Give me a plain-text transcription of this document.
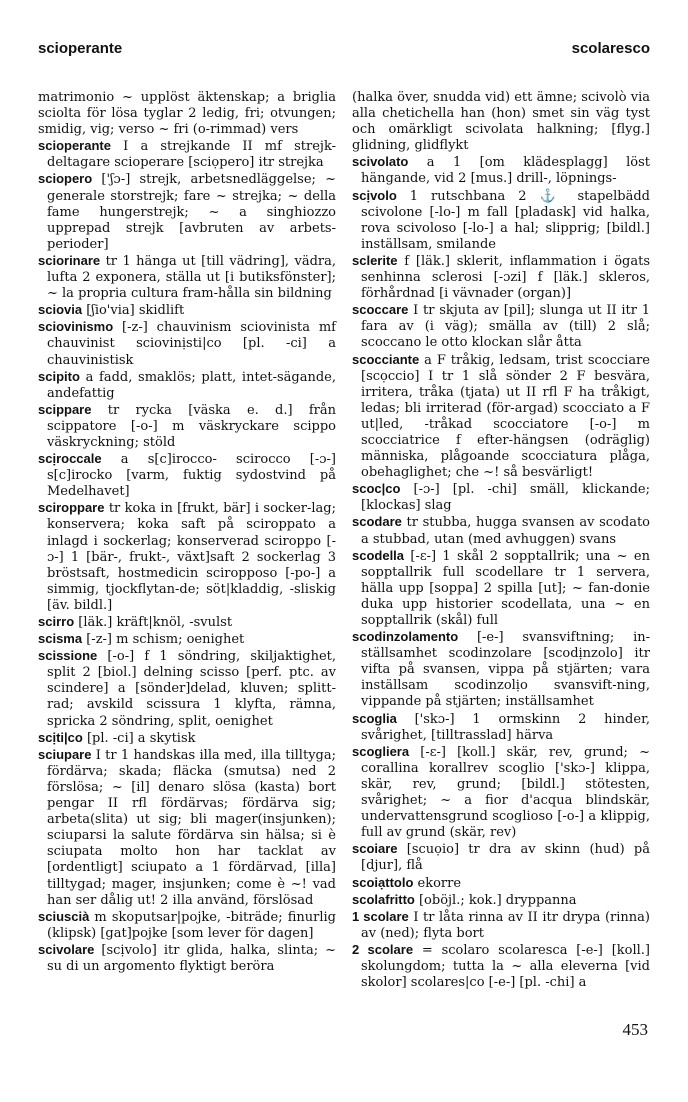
scioperante	scolaresco

matrimonio ~ upplöst äktenskap; a briglia sciolta för lösa tyglar 2 ledig, fri; otvungen; smidig, vig; verso ~ fri (o-rimmad) vers

scioperante I a strejkande II mf strejk-deltagare scioperare [sciọpero] itr strejka

sciopero ['ʃɔ-] strejk, arbetsnedläggelse; ~ generale storstrejk; fare ~ strejka; ~ della fame hungerstrejk; ~ a singhiozzo upprepad strejk [avbruten av arbets-perioder]

sciorinare tr 1 hänga ut [till vädring], vädra, lufta 2 exponera, ställa ut [i butiksfönster]; ~ la propria cultura fram-hålla sin bildning

sciovia [ʃio'via] skidlift

sciovinismo [-z-] chauvinism sciovinista mf chauvinist sciovinịsti|co [pl. -ci] a chauvinistisk

scipito a fadd, smaklös; platt, intet-sägande, andefattig

scippare tr rycka [väska e. d.] från scippatore [-o-] m väskryckare scippo väskryckning; stöld

scịroccale a s[c]irocco- scirocco [-ɔ-] s[c]irocko [varm, fuktig sydostvind på Medelhavet]

sciroppare tr koka in [frukt, bär] i socker-lag; konservera; koka saft på sciroppato a inlagd i sockerlag; konserverad sciroppo [-ɔ-] 1 [bär-, frukt-, växt]saft 2 sockerlag 3 bröstsaft, hostmedicin sciropposo [-po-] a simmig, tjockflytan-de; söt|kladdig, -sliskig [äv. bildl.]

scirro [läk.] kräft|knöl, -svulst

scisma [-z-] m schism; oenighet

scissione [-o-] f 1 söndring, skiljaktighet, split 2 [biol.] delning scisso [perf. ptc. av scindere] a [sönder]delad, kluven; splitt-rad; avskild scissura 1 klyfta, rämna, spricka 2 söndring, split, oenighet

scịti|co [pl. -ci] a skytisk

sciupare I tr 1 handskas illa med, illa tilltyga; fördärva; skada; fläcka (smutsa) ned 2 förslösa; ~ [il] denaro slösa (kasta) bort pengar II rfl fördärvas; fördärva sig; arbeta(slita) ut sig; bli mager(insjunken); sciuparsi la salute fördärva sin hälsa; si è sciupata molto hon har tacklat av [ordentligt] sciupato a 1 fördärvad, [illa] tilltygad; mager, insjunken; come è ~! vad han ser dålig ut! 2 illa använd, förslösad

sciuscià m skoputsar|pojke, -biträde; finurlig (klipsk) [gat]pojke [som lever för dagen]

scivolare [scịvolo] itr glida, halka, slinta; ~ su di un argomento flyktigt beröra

(halka över, snudda vid) ett ämne; scivolò via alla chetichella han (hon) smet sin väg tyst och omärkligt scivolata halkning; [flyg.] glidning, glidflykt

scivolato a 1 [om klädesplagg] löst hängande, vid 2 [mus.] drill-, löpnings-

scịvolo 1 rutschbana 2 ⚓ stapelbädd scivolone [-lo-] m fall [pladask] vid halka, rova scivoloso [-lo-] a hal; slipprig; [bildl.] inställsam, smilande

sclerite f [läk.] sklerit, inflammation i ögats senhinna sclerosi [-ɔzi] f [läk.] skleros, förhårdnad [i vävnader (organ)]

scoccare I tr skjuta av [pil]; slunga ut II itr 1 fara av (i väg); smälla av (till) 2 slå; scoccano le otto klockan slår åtta

scocciante a F tråkig, ledsam, trist scocciare [scọccio] I tr 1 slå sönder 2 F besvära, irritera, tråka (tjata) ut II rfl F ha tråkigt, ledas; bli irriterad (för-argad) scocciato a F ut|led, -tråkad scocciatore [-o-] m scocciatrice f efter-hängsen (odräglig) människa, plågoande scocciatura plåga, obehaglighet; che ~! så besvärligt!

scoc|co [-ɔ-] [pl. -chi] smäll, klickande; [klockas] slag

scodare tr stubba, hugga svansen av scodato a stubbad, utan (med avhuggen) svans

scodella [-ɛ-] 1 skål 2 sopptallrik; una ~ en sopptallrik full scodellare tr 1 servera, hälla upp [soppa] 2 spilla [ut]; ~ fan-donie duka upp historier scodellata, una ~ en sopptallrik (skål) full

scodinzolamento [-e-] svansviftning; in-ställsamhet scodinzolare [scodịnzolo] itr vifta på svansen, vippa på stjärten; vara inställsam scodinzolịo svansvift-ning, vippande på stjärten; inställsamhet

scoglia ['skɔ-] 1 ormskinn 2 hinder, svårighet, [tilltrasslad] härva

scogliera [-ɛ-] [koll.] skär, rev, grund; ~ corallina korallrev scoglio ['skɔ-] klippa, skär, rev, grund; [bildl.] stötesten, svårighet; ~ a fior d'acqua blindskär, undervattensgrund scoglioso [-o-] a klippig, full av grund (skär, rev)

scoiare [scuọio] tr dra av skinn (hud) på [djur], flå

scoiạttolo ekorre

scolafritto [oböjl.; kok.] dryppanna

1 scolare I tr låta rinna av II itr drypa (rinna) av (ned); flyta bort

2 scolare = scolaro scolaresca [-e-] [koll.] skolungdom; tutta la ~ alla eleverna [vid skolor] scolares|co [-e-] [pl. -chi] a

453
